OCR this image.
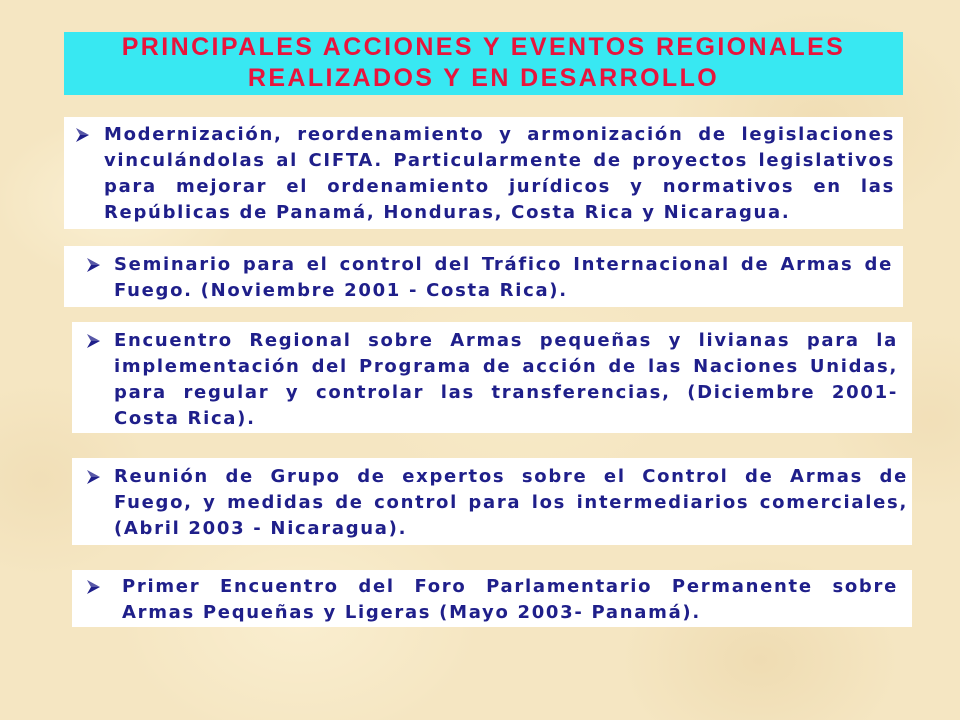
PRINCIPALES ACCIONES Y EVENTOS REGIONALES
REALIZADOS Y EN DESARROLLO
Modernización, reordenamiento y armonización de legislaciones vinculándolas al CIFTA. Particularmente de proyectos legislativos para mejorar el ordenamiento jurídicos y normativos en las Repúblicas de Panamá, Honduras, Costa Rica y Nicaragua.
Seminario para el control del Tráfico Internacional de Armas de Fuego. (Noviembre 2001 - Costa Rica).
Encuentro Regional sobre Armas pequeñas y livianas para la implementación del Programa de acción de las Naciones Unidas, para regular y controlar las transferencias, (Diciembre 2001- Costa Rica).
Reunión de Grupo de expertos sobre el Control de Armas de Fuego, y medidas de control para los intermediarios comerciales, (Abril 2003 - Nicaragua).
Primer Encuentro del Foro Parlamentario Permanente sobre Armas Pequeñas y Ligeras (Mayo 2003- Panamá).
